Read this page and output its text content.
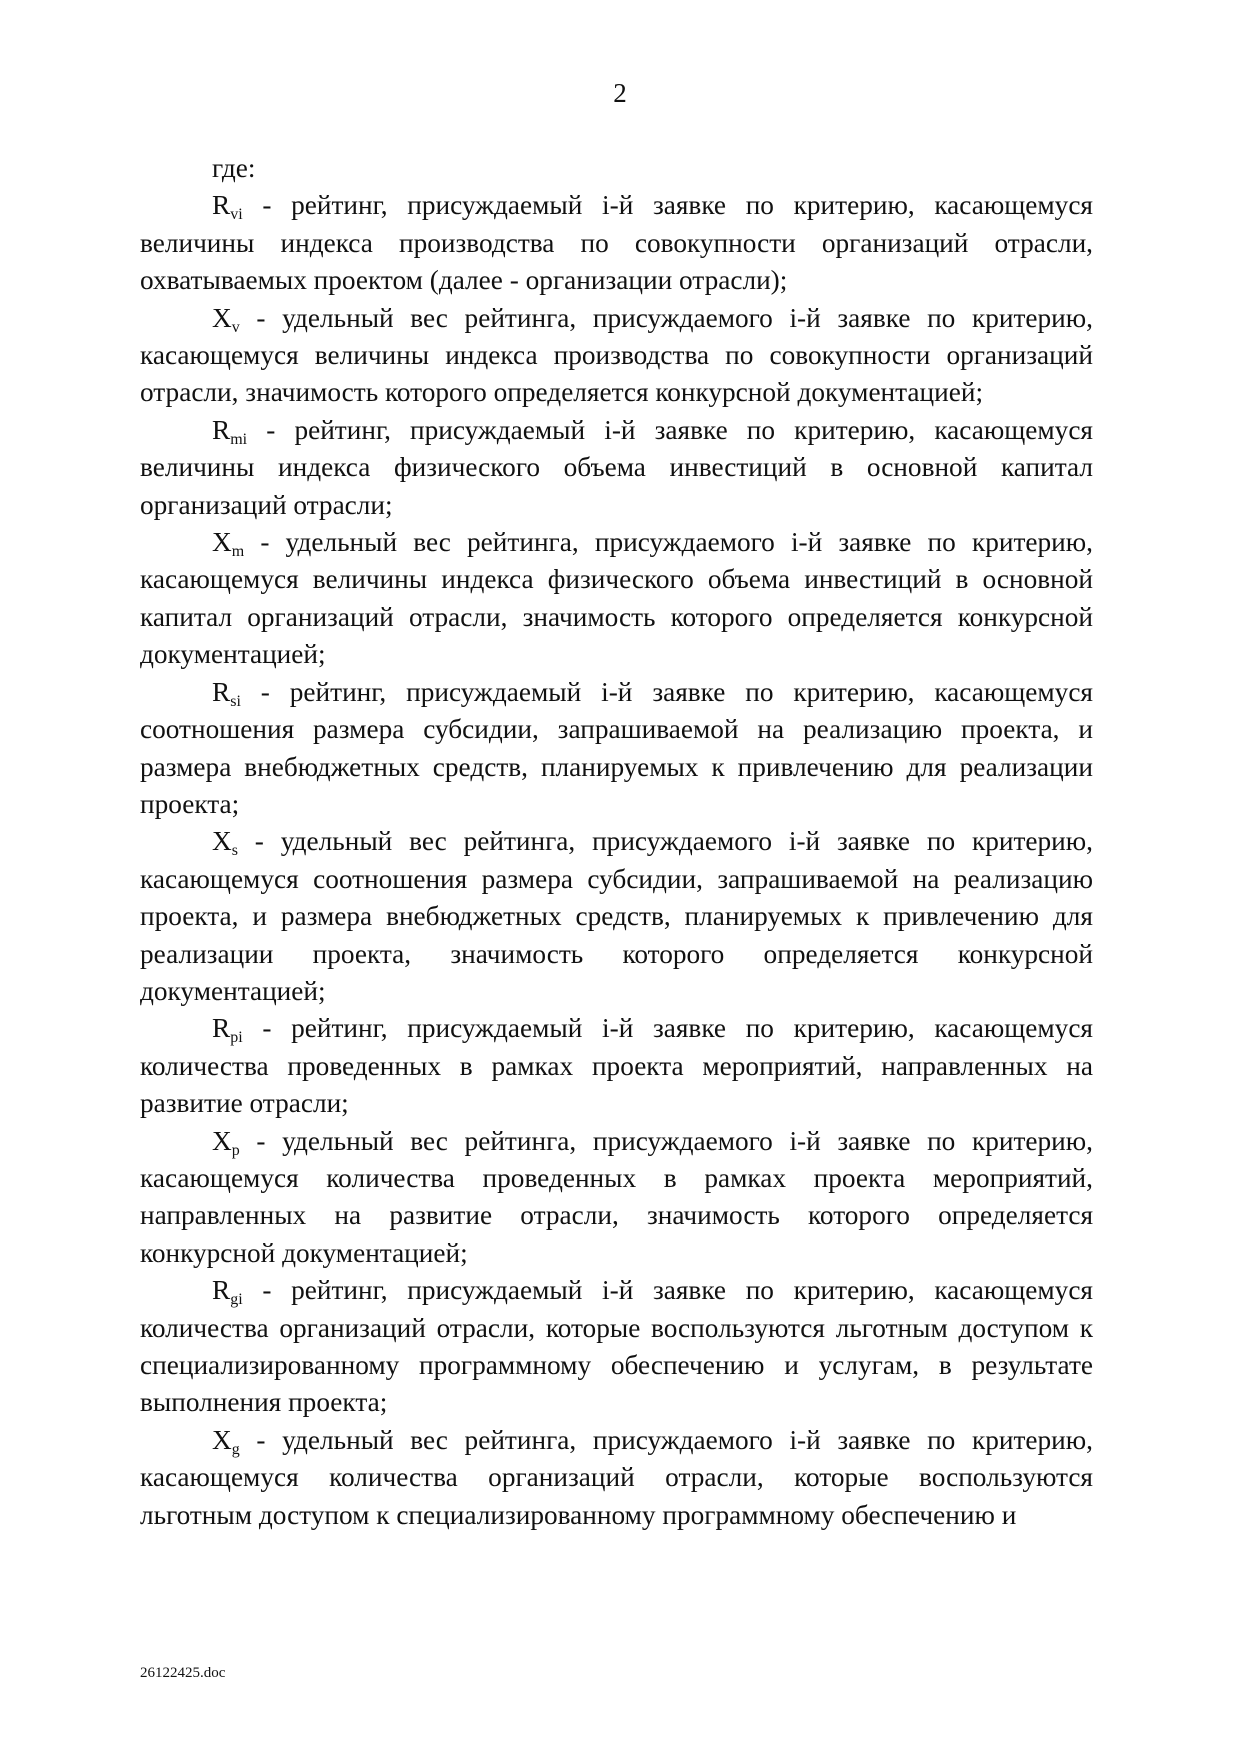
2

где:

$R_{vi}$ - рейтинг, присуждаемый i-й заявке по критерию, касающемуся величины индекса производства по совокупности организаций отрасли, охватываемых проектом (далее - организации отрасли);

$X_v$ - удельный вес рейтинга, присуждаемого i-й заявке по критерию, касающемуся величины индекса производства по совокупности организаций отрасли, значимость которого определяется конкурсной документацией;

$R_{mi}$ - рейтинг, присуждаемый i-й заявке по критерию, касающемуся величины индекса физического объема инвестиций в основной капитал организаций отрасли;

$X_m$ - удельный вес рейтинга, присуждаемого i-й заявке по критерию, касающемуся величины индекса физического объема инвестиций в основной капитал организаций отрасли, значимость которого определяется конкурсной документацией;

$R_{si}$ - рейтинг, присуждаемый i-й заявке по критерию, касающемуся соотношения размера субсидии, запрашиваемой на реализацию проекта, и размера внебюджетных средств, планируемых к привлечению для реализации проекта;

$X_s$ - удельный вес рейтинга, присуждаемого i-й заявке по критерию, касающемуся соотношения размера субсидии, запрашиваемой на реализацию проекта, и размера внебюджетных средств, планируемых к привлечению для реализации проекта, значимость которого определяется конкурсной документацией;

$R_{pi}$ - рейтинг, присуждаемый i-й заявке по критерию, касающемуся количества проведенных в рамках проекта мероприятий, направленных на развитие отрасли;

$X_p$ - удельный вес рейтинга, присуждаемого i-й заявке по критерию, касающемуся количества проведенных в рамках проекта мероприятий, направленных на развитие отрасли, значимость которого определяется конкурсной документацией;

$R_{gi}$ - рейтинг, присуждаемый i-й заявке по критерию, касающемуся количества организаций отрасли, которые воспользуются льготным доступом к специализированному программному обеспечению и услугам, в результате выполнения проекта;

$X_g$ - удельный вес рейтинга, присуждаемого i-й заявке по критерию, касающемуся количества организаций отрасли, которые воспользуются льготным доступом к специализированному программному обеспечению и

26122425.doc
